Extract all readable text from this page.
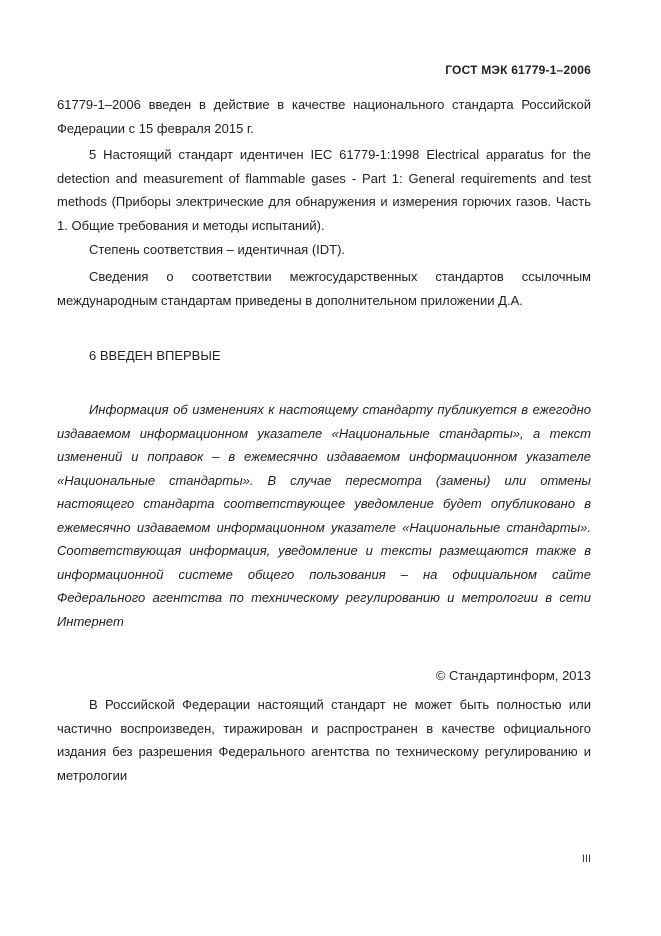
ГОСТ МЭК 61779-1–2006

61779-1–2006 введен в действие в качестве национального стандарта Российской Федерации с 15 февраля 2015 г.

5 Настоящий стандарт идентичен IEC 61779-1:1998 Electrical apparatus for the detection and measurement of flammable gases - Part 1: General requirements and test methods (Приборы электрические для обнаружения и измерения горючих газов. Часть 1. Общие требования и методы испытаний).

Степень соответствия – идентичная (IDT).

Сведения о соответствии межгосударственных стандартов ссылочным международным стандартам приведены в дополнительном приложении Д.А.

6 ВВЕДЕН ВПЕРВЫЕ

Информация об изменениях к настоящему стандарту публикуется в ежегодно издаваемом информационном указателе «Национальные стандарты», а текст изменений и поправок – в ежемесячно издаваемом информационном указателе «Национальные стандарты». В случае пересмотра (замены) или отмены настоящего стандарта соответствующее уведомление будет опубликовано в ежемесячно издаваемом информационном указателе «Национальные стандарты». Соответствующая информация, уведомление и тексты размещаются также в информационной системе общего пользования – на официальном сайте Федерального агентства по техническому регулированию и метрологии в сети Интернет

© Стандартинформ, 2013

В Российской Федерации настоящий стандарт не может быть полностью или частично воспроизведен, тиражирован и распространен в качестве официального издания без разрешения Федерального агентства по техническому регулированию и метрологии

III
